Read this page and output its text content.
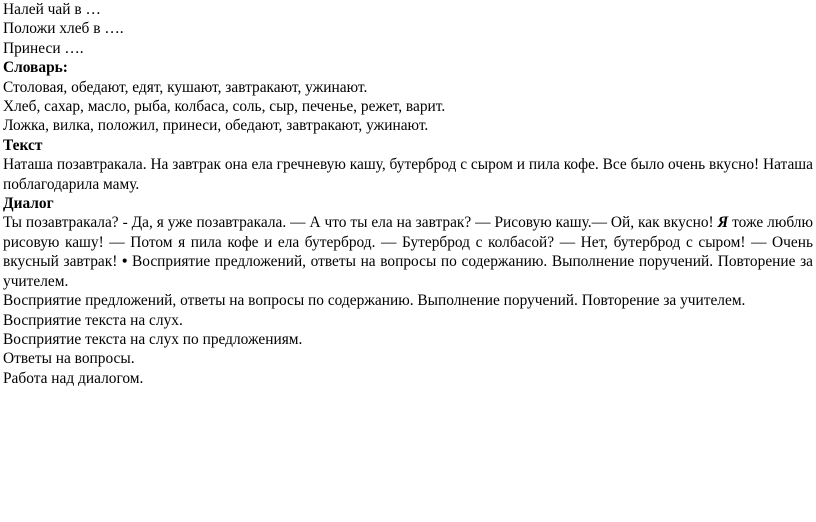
Налей чай в …
Положи хлеб в ….
Принеси ….
Словарь:
Столовая, обедают, едят, кушают, завтракают, ужинают.
Хлеб, сахар, масло, рыба, колбаса, соль, сыр, печенье, режет, варит.
Ложка, вилка, положил, принеси, обедают, завтракают, ужинают.
Текст
Наташа позавтракала. На завтрак она ела гречневую кашу, бутерброд с сыром и пила кофе. Все было очень вкусно! Наташа поблагодарила маму.
Диалог
Ты позавтракала? - Да, я уже позавтракала. — А что ты ела на завтрак? — Рисовую кашу.— Ой, как вкусно! Я тоже люблю рисовую кашу! — Потом я пила кофе и ела бутерброд. — Бутерброд с колбасой? — Нет, бутерброд с сыром! — Очень вкусный завтрак! • Восприятие предложений, ответы на вопросы по содержанию. Выполнение поручений. Повторение за учителем.
Восприятие предложений, ответы на вопросы по содержанию. Выполнение поручений. Повторение за учителем.
Восприятие текста на слух.
Восприятие текста на слух по предложениям.
Ответы на вопросы.
Работа над диалогом.
